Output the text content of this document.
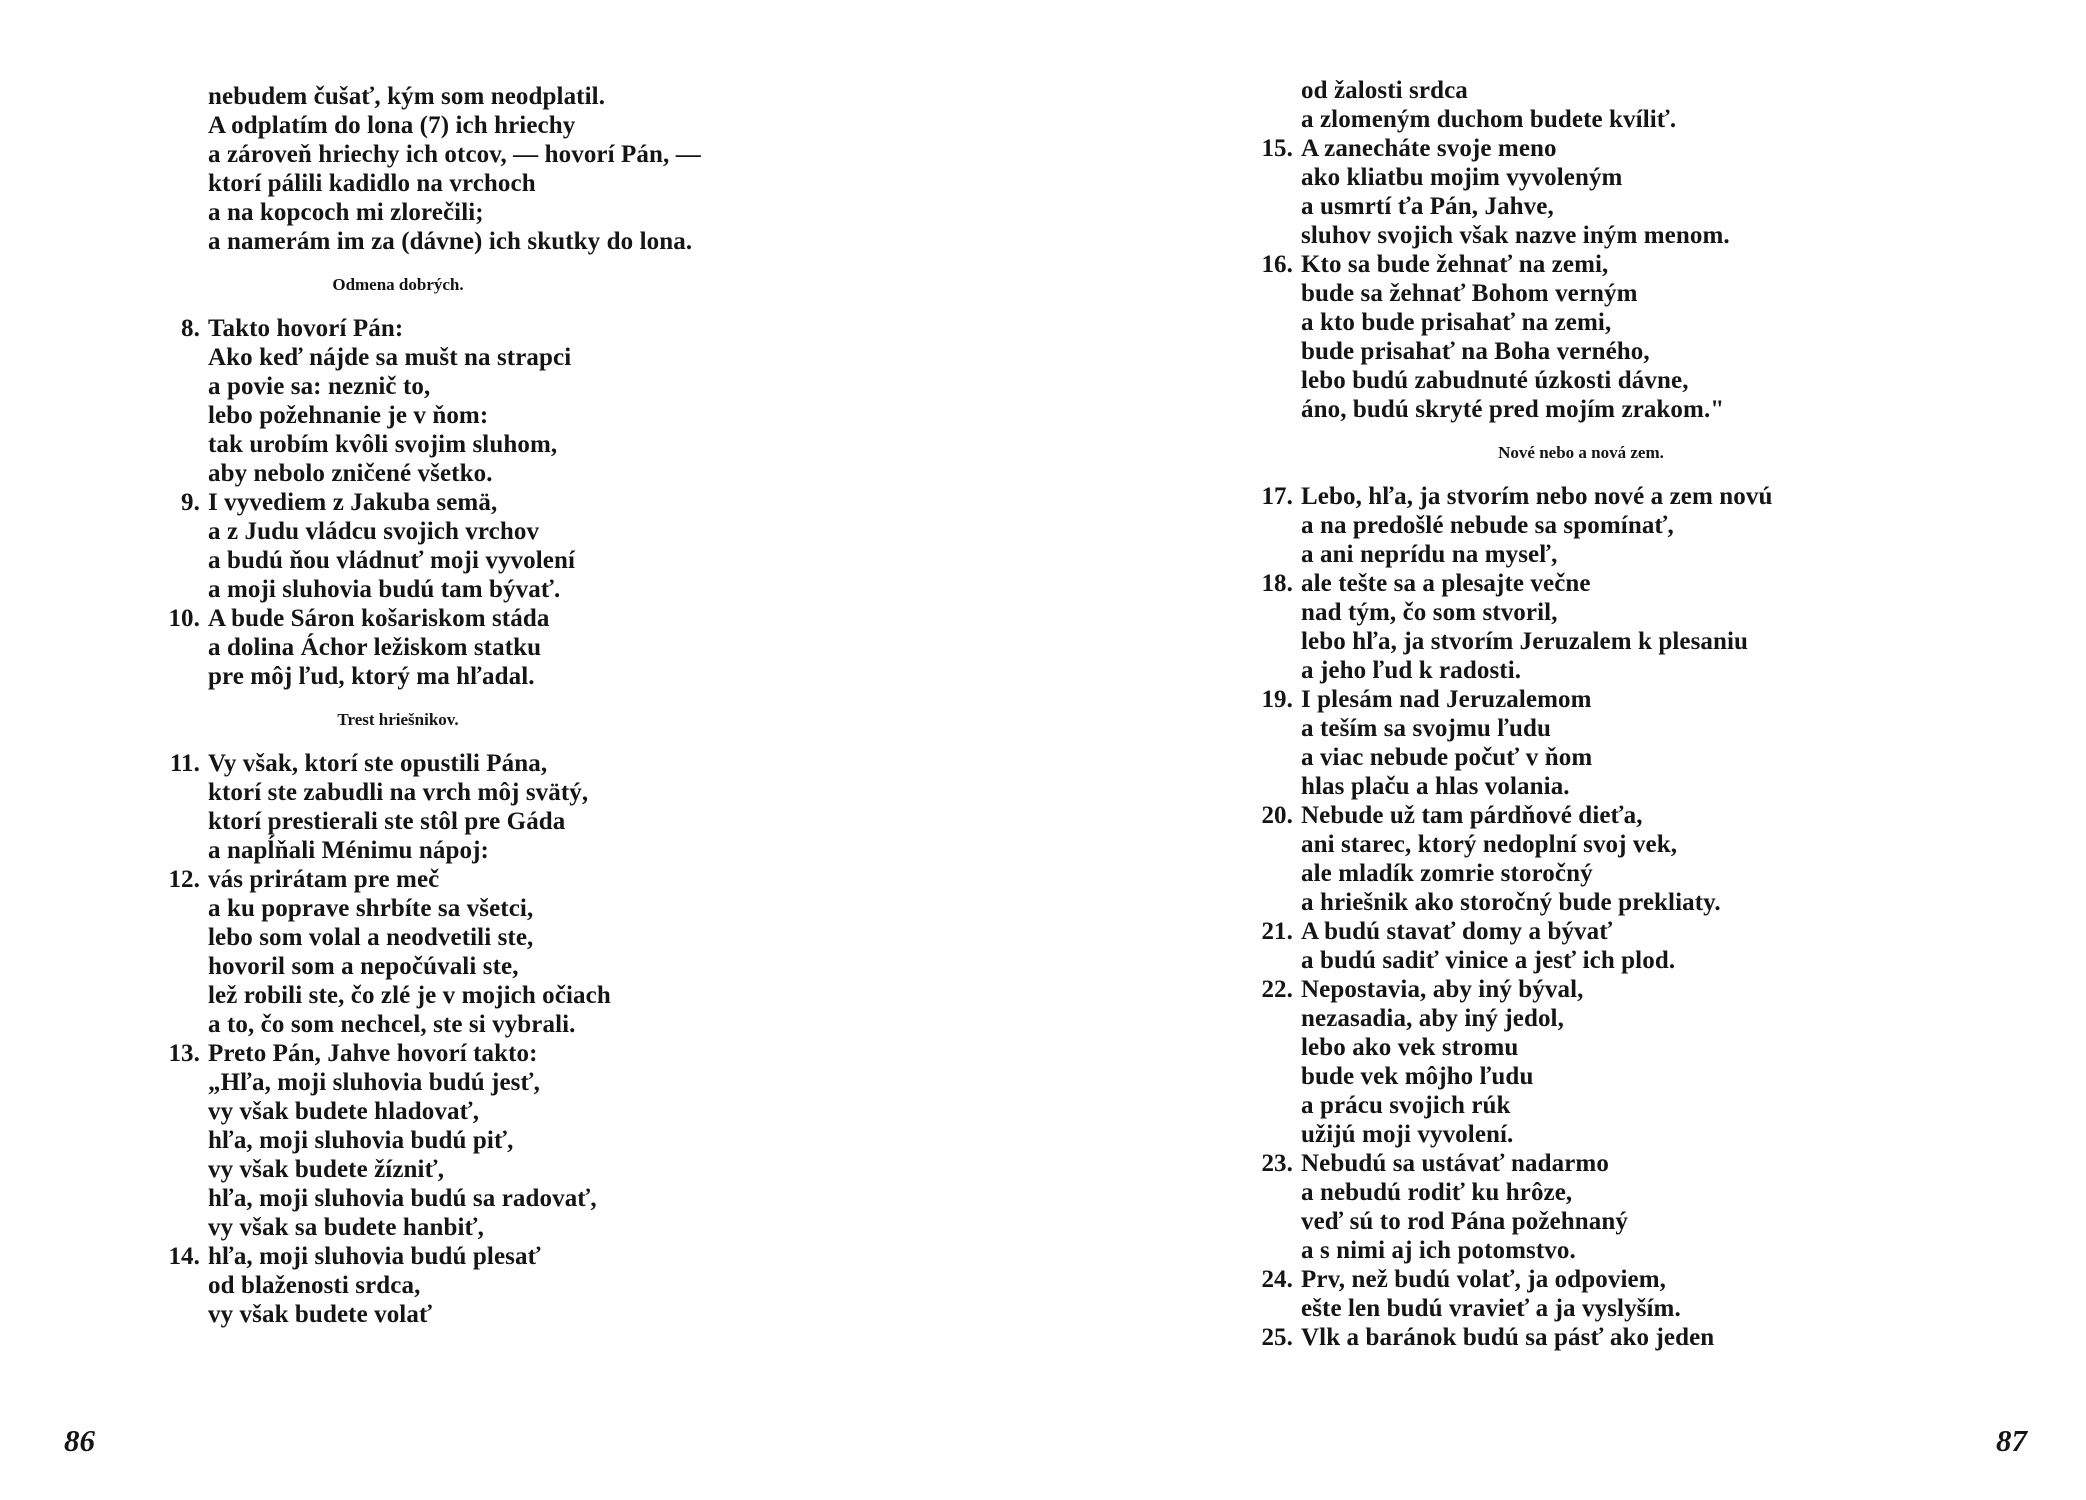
nebudem čušať, kým som neodplatil.
A odplatím do lona (7) ich hriechy
a zároveň hriechy ich otcov, — hovorí Pán, —
ktorí pálili kadidlo na vrchoch
a na kopcoch mi zlorečili;
a namerám im za (dávne) ich skutky do lona.
Odmena dobrých.
8. Takto hovorí Pán:
Ako keď nájde sa mušt na strapci
a povie sa: neznič to,
lebo požehnanie je v ňom:
tak urobím kvôli svojim sluhom,
aby nebolo zničené všetko.
9. I vyvediem z Jakuba semä,
a z Judu vládcu svojich vrchov
a budú ňou vládnuť moji vyvolení
a moji sluhovia budú tam bývať.
10. A bude Sáron košariskom stáda
a dolina Áchor ležiskom statku
pre môj ľud, ktorý ma hľadal.
Trest hriešnikov.
11. Vy však, ktorí ste opustili Pána,
ktorí ste zabudli na vrch môj svätý,
ktorí prestierali ste stôl pre Gáda
a napĺňali Ménimu nápoj:
12. vás prirátam pre meč
a ku poprave shrbíte sa všetci,
lebo som volal a neodvetili ste,
hovoril som a nepočúvali ste,
lež robili ste, čo zlé je v mojich očiach
a to, čo som nechcel, ste si vybrali.
13. Preto Pán, Jahve hovorí takto:
„Hľa, moji sluhovia budú jesť,
vy však budete hladovať,
hľa, moji sluhovia budú piť,
vy však budete žízniť,
hľa, moji sluhovia budú sa radovať,
vy však sa budete hanbiť,
14. hľa, moji sluhovia budú plesať
od blaženosti srdca,
vy však budete volať
86
od žalosti srdca
a zlomeným duchom budete kvíliť.
15. A zanecháte svoje meno
ako kliatbu mojim vyvoleným
a usmrtí ťa Pán, Jahve,
sluhov svojich však nazve iným menom.
16. Kto sa bude žehnať na zemi,
bude sa žehnať Bohom verným
a kto bude prisahať na zemi,
bude prisahať na Boha verného,
lebo budú zabudnuté úzkosti dávne,
áno, budú skryté pred mojím zrakom."
Nové nebo a nová zem.
17. Lebo, hľa, ja stvorím nebo nové a zem novú
a na predošlé nebude sa spomínať,
a ani neprídu na myseľ,
18. ale tešte sa a plesajte večne
nad tým, čo som stvoril,
lebo hľa, ja stvorím Jeruzalem k plesaniu
a jeho ľud k radosti.
19. I plesám nad Jeruzalemom
a teším sa svojmu ľudu
a viac nebude počuť v ňom
hlas plaču a hlas volania.
20. Nebude už tam párdňové dieťa,
ani starec, ktorý nedoplní svoj vek,
ale mladík zomrie storočný
a hriešnik ako storočný bude prekliaty.
21. A budú stavať domy a bývať
a budú sadiť vinice a jesť ich plod.
22. Nepostavia, aby iný býval,
nezasadia, aby iný jedol,
lebo ako vek stromu
bude vek môjho ľudu
a prácu svojich rúk
užijú moji vyvolení.
23. Nebudú sa ustávať nadarmo
a nebudú rodiť ku hrôze,
veď sú to rod Pána požehnaný
a s nimi aj ich potomstvo.
24. Prv, než budú volať, ja odpoviem,
ešte len budú vravieť a ja vyslyším.
25. Vlk a baránok budú sa pásť ako jeden
87
